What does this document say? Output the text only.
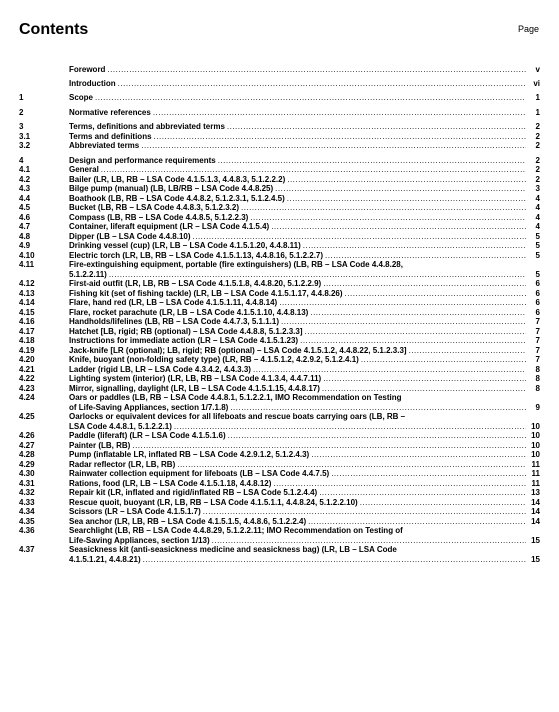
Contents	Page
Foreword .....	v
Introduction .....	vi
1	Scope .....	1
2	Normative references .....	1
3	Terms, definitions and abbreviated terms .....	2
3.1	Terms and definitions .....	2
3.2	Abbreviated terms .....	2
4	Design and performance requirements .....	2
4.1	General .....	2
4.2	Bailer (LR, LB, RB – LSA Code 4.1.5.1.3, 4.4.8.3, 5.1.2.2.2) .....	2
4.3	Bilge pump (manual) (LB, LB/RB – LSA Code 4.4.8.25) .....	3
4.4	Boathook (LB, RB – LSA Code 4.4.8.2, 5.1.2.3.1, 5.1.2.4.5) .....	4
4.5	Bucket (LB, RB – LSA Code 4.4.8.3, 5.1.2.3.2) .....	4
4.6	Compass (LB, RB – LSA Code 4.4.8.5, 5.1.2.2.3) .....	4
4.7	Container, liferaft equipment (LR – LSA Code 4.1.5.4) .....	4
4.8	Dipper (LB – LSA Code 4.4.8.10) .....	5
4.9	Drinking vessel (cup) (LR, LB – LSA Code 4.1.5.1.20, 4.4.8.11) .....	5
4.10	Electric torch (LR, LB, RB – LSA Code 4.1.5.1.13, 4.4.8.16, 5.1.2.2.7) .....	5
4.11	Fire-extinguishing equipment, portable (fire extinguishers) (LB, RB – LSA Code 4.4.8.28,
5.1.2.2.11) .....	5
4.12	First-aid outfit (LR, LB, RB – LSA Code 4.1.5.1.8, 4.4.8.20, 5.1.2.2.9) .....	6
4.13	Fishing kit (set of fishing tackle) (LR, LB – LSA Code 4.1.5.1.17, 4.4.8.26) .....	6
4.14	Flare, hand red (LR, LB – LSA Code 4.1.5.1.11, 4.4.8.14) .....	6
4.15	Flare, rocket parachute (LR, LB – LSA Code 4.1.5.1.10, 4.4.8.13) .....	6
4.16	Handholds/lifelines (LB, RB – LSA Code 4.4.7.3, 5.1.1.1) .....	7
4.17	Hatchet [LB, rigid; RB (optional) – LSA Code 4.4.8.8, 5.1.2.3.3] .....	7
4.18	Instructions for immediate action (LR – LSA Code 4.1.5.1.23) .....	7
4.19	Jack-knife [LR (optional); LB, rigid; RB (optional) – LSA Code 4.1.5.1.2, 4.4.8.22, 5.1.2.3.3] .....	7
4.20	Knife, buoyant (non-folding safety type) (LR, RB – 4.1.5.1.2, 4.2.9.2, 5.1.2.4.1) .....	7
4.21	Ladder (rigid LB, LR – LSA Code 4.3.4.2, 4.4.3.3) .....	8
4.22	Lighting system (interior) (LR, LB, RB – LSA Code 4.1.3.4, 4.4.7.11) .....	8
4.23	Mirror, signalling, daylight (LR, LB – LSA Code 4.1.5.1.15, 4.4.8.17) .....	8
4.24	Oars or paddles (LB, RB – LSA Code 4.4.8.1, 5.1.2.2.1, IMO Recommendation on Testing
of Life-Saving Appliances, section 1/7.1.8) .....	9
4.25	Oarlocks or equivalent devices for all lifeboats and rescue boats carrying oars (LB, RB –
LSA Code 4.4.8.1, 5.1.2.2.1) .....	10
4.26	Paddle (liferaft) (LR – LSA Code 4.1.5.1.6) .....	10
4.27	Painter (LB, RB) .....	10
4.28	Pump (inflatable LR, inflated RB – LSA Code 4.2.9.1.2, 5.1.2.4.3) .....	10
4.29	Radar reflector (LR, LB, RB) .....	11
4.30	Rainwater collection equipment for lifeboats (LB – LSA Code 4.4.7.5) .....	11
4.31	Rations, food (LR, LB – LSA Code 4.1.5.1.18, 4.4.8.12) .....	11
4.32	Repair kit (LR, inflated and rigid/inflated RB – LSA Code 5.1.2.4.4) .....	13
4.33	Rescue quoit, buoyant (LR, LB, RB – LSA Code 4.1.5.1.1, 4.4.8.24, 5.1.2.2.10) .....	14
4.34	Scissors (LR – LSA Code 4.1.5.1.7) .....	14
4.35	Sea anchor (LR, LB, RB – LSA Code 4.1.5.1.5, 4.4.8.6, 5.1.2.2.4) .....	14
4.36	Searchlight (LB, RB – LSA Code 4.4.8.29, 5.1.2.2.11; IMO Recommendation on Testing of
Life-Saving Appliances, section 1/13) .....	15
4.37	Seasickness kit (anti-seasickness medicine and seasickness bag) (LR, LB – LSA Code
4.1.5.1.21, 4.4.8.21) .....	15
